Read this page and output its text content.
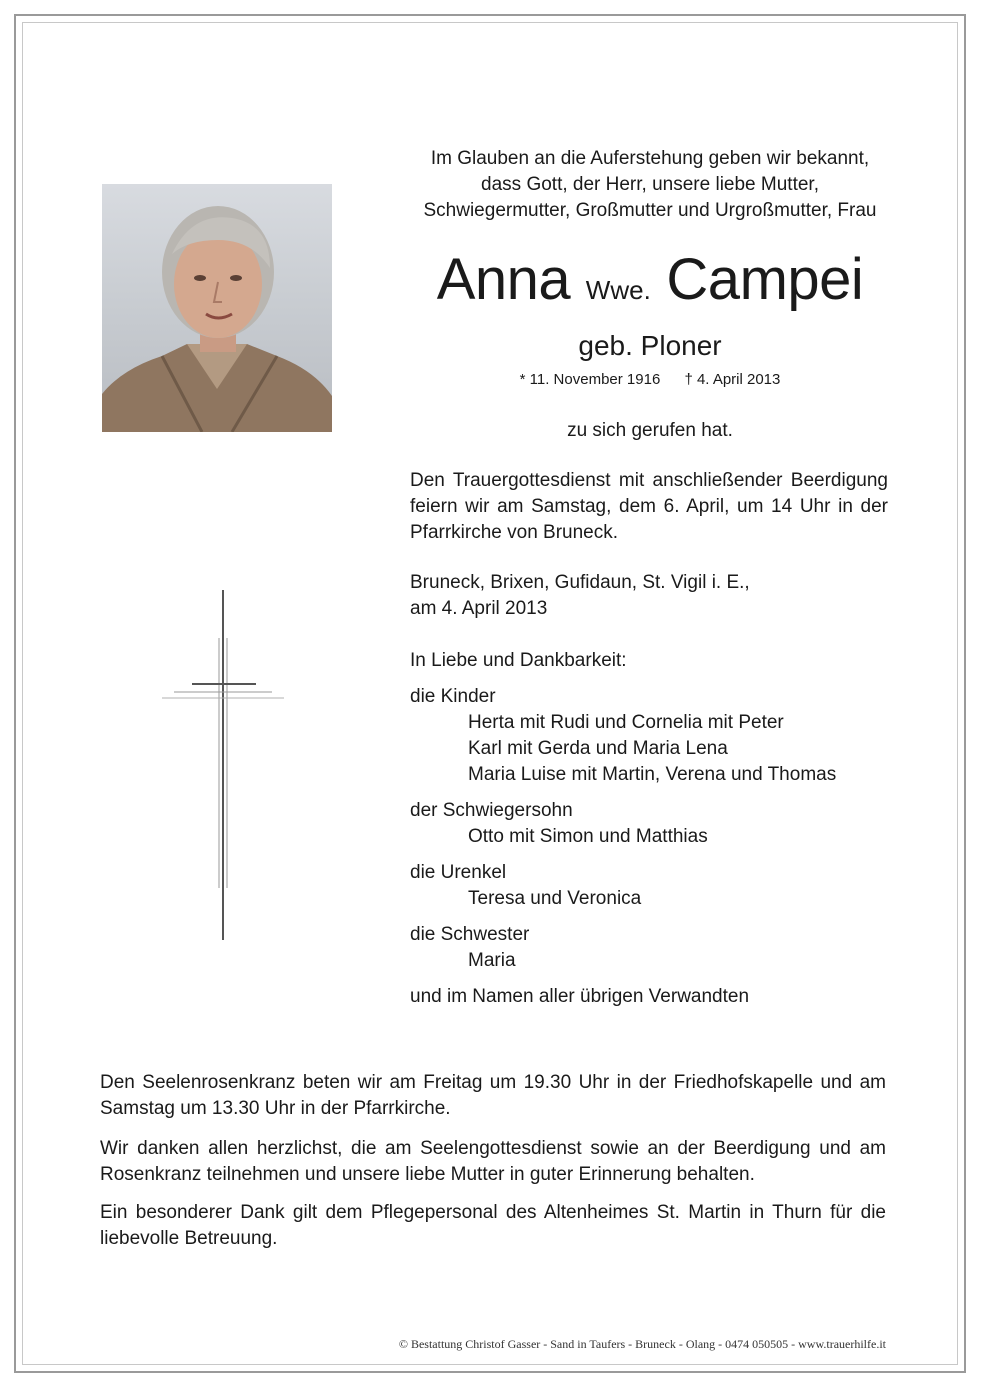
Im Glauben an die Auferstehung geben wir bekannt,
dass Gott, der Herr, unsere liebe Mutter,
Schwiegermutter, Großmutter und Urgroßmutter, Frau
Anna Wwe. Campei
geb. Ploner
* 11. November 1916 † 4. April 2013
zu sich gerufen hat.
Den Trauergottesdienst mit anschließender Beerdigung feiern wir am Samstag, dem 6. April, um 14 Uhr in der Pfarrkirche von Bruneck.
Bruneck, Brixen, Gufidaun, St. Vigil i. E.,
am 4. April 2013
In Liebe und Dankbarkeit:
die Kinder
Herta mit Rudi und Cornelia mit Peter
Karl mit Gerda und Maria Lena
Maria Luise mit Martin, Verena und Thomas
der Schwiegersohn
Otto mit Simon und Matthias
die Urenkel
Teresa und Veronica
die Schwester
Maria
und im Namen aller übrigen Verwandten
Den Seelenrosenkranz beten wir am Freitag um 19.30 Uhr in der Friedhofskapelle und am Samstag um 13.30 Uhr in der Pfarrkirche.
Wir danken allen herzlichst, die am Seelengottesdienst sowie an der Beerdigung und am Rosenkranz teilnehmen und unsere liebe Mutter in guter Erinnerung behalten.
Ein besonderer Dank gilt dem Pflegepersonal des Altenheimes St. Martin in Thurn für die liebevolle Betreuung.
© Bestattung Christof Gasser - Sand in Taufers - Bruneck - Olang - 0474 050505 - www.trauerhilfe.it
